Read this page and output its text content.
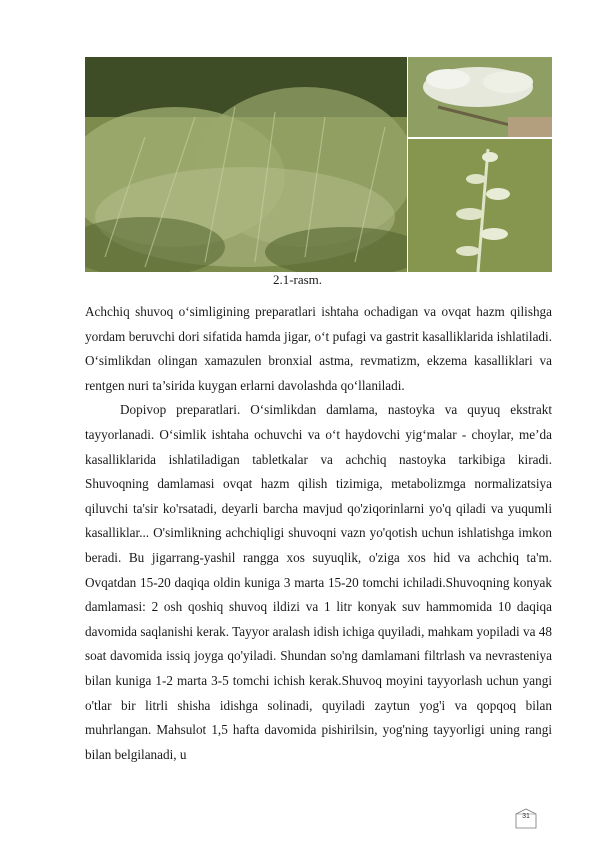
2.1-rasm.

Achchiq shuvoq o‘simligining preparatlari ishtaha ochadigan va ovqat hazm qilishga yordam beruvchi dori sifatida hamda jigar, o‘t pufagi va gastrit kasalliklarida ishlatiladi. O‘simlikdan olingan xamazulen bronxial astma, revmatizm, ekzema kasalliklari va rentgen nuri ta’sirida kuygan erlarni davolashda qo‘llaniladi.

Dopivop preparatlari. O‘simlikdan damlama, nastoyka va quyuq ekstrakt tayyorlanadi. O‘simlik ishtaha ochuvchi va o‘t haydovchi yig‘malar - choylar, me’da kasalliklarida ishlatiladigan tabletkalar va achchiq nastoyka tarkibiga kiradi. Shuvoqning damlamasi ovqat hazm qilish tizimiga, metabolizmga normalizatsiya qiluvchi ta'sir ko'rsatadi, deyarli barcha mavjud qo'ziqorinlarni yo'q qiladi va yuqumli kasalliklar... O'simlikning achchiqligi shuvoqni vazn yo'qotish uchun ishlatishga imkon beradi. Bu jigarrang-yashil rangga xos suyuqlik, o'ziga xos hid va achchiq ta'm. Ovqatdan 15-20 daqiqa oldin kuniga 3 marta 15-20 tomchi ichiladi.Shuvoqning konyak damlamasi: 2 osh qoshiq shuvoq ildizi va 1 litr konyak suv hammomida 10 daqiqa davomida saqlanishi kerak. Tayyor aralash idish ichiga quyiladi, mahkam yopiladi va 48 soat davomida issiq joyga qo'yiladi. Shundan so'ng damlamani filtrlash va nevrasteniya bilan kuniga 1-2 marta 3-5 tomchi ichish kerak.Shuvoq moyini tayyorlash uchun yangi o'tlar bir litrli shisha idishga solinadi, quyiladi zaytun yog'i va qopqoq bilan muhrlangan. Mahsulot 1,5 hafta davomida pishirilsin, yog'ning tayyorligi uning rangi bilan belgilanadi, u

31
